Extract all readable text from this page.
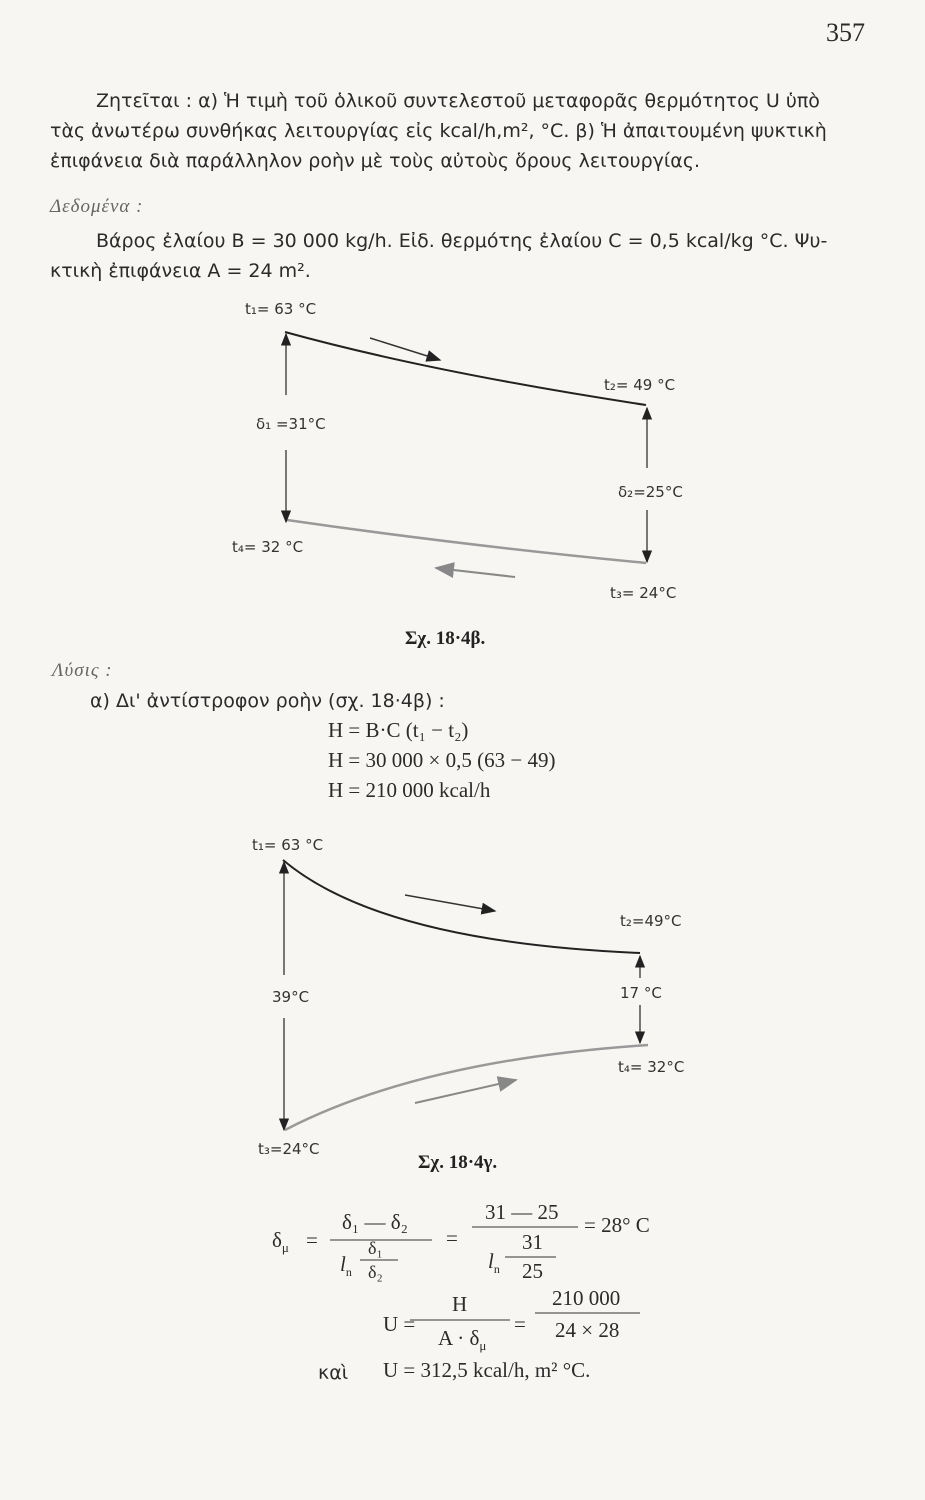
357
Ζητεῖται : α) Ἡ τιμὴ τοῦ ὁλικοῦ συντελεστοῦ μεταφορᾶς θερμότητος U ὑπὸ
τὰς ἀνωτέρω συνθήκας λειτουργίας εἰς kcal/h,m², °C. β) Ἡ ἀπαιτουμένη ψυκτικὴ
ἐπιφάνεια διὰ παράλληλον ροὴν μὲ τοὺς αὐτοὺς ὅρους λειτουργίας.
Δεδομένα :
Βάρος ἐλαίου B = 30 000 kg/h. Εἰδ. θερμότης ἐλαίου C = 0,5 kcal/kg °C. Ψυ-
κτικὴ ἐπιφάνεια A = 24 m².
t₁= 63 °C
t₂= 49 °C
δ₁ =31°C
δ₂=25°C
t₄= 32 °C
t₃= 24°C
Σχ. 18·4β.
Λύσις :
α) Δι' ἀντίστροφον ροὴν (σχ. 18·4β) :
H = B·C (t₁ − t₂)
H = 30 000 × 0,5 (63 − 49)
H = 210 000 kcal/h
t₁= 63 °C
t₂=49°C
39°C	17 °C
t₄= 32°C
t₃=24°C
Σχ. 18·4γ.
$\delta_\mu$ =
δ₁ — δ₂
$l_n$
δ₁
δ₂
=
31 — 25
$l_n$
31
25
= 28° C
U =
H
$A \cdot \delta_\mu$
=
210 000
24 × 28
καὶ U = 312,5 kcal/h, m² °C.
